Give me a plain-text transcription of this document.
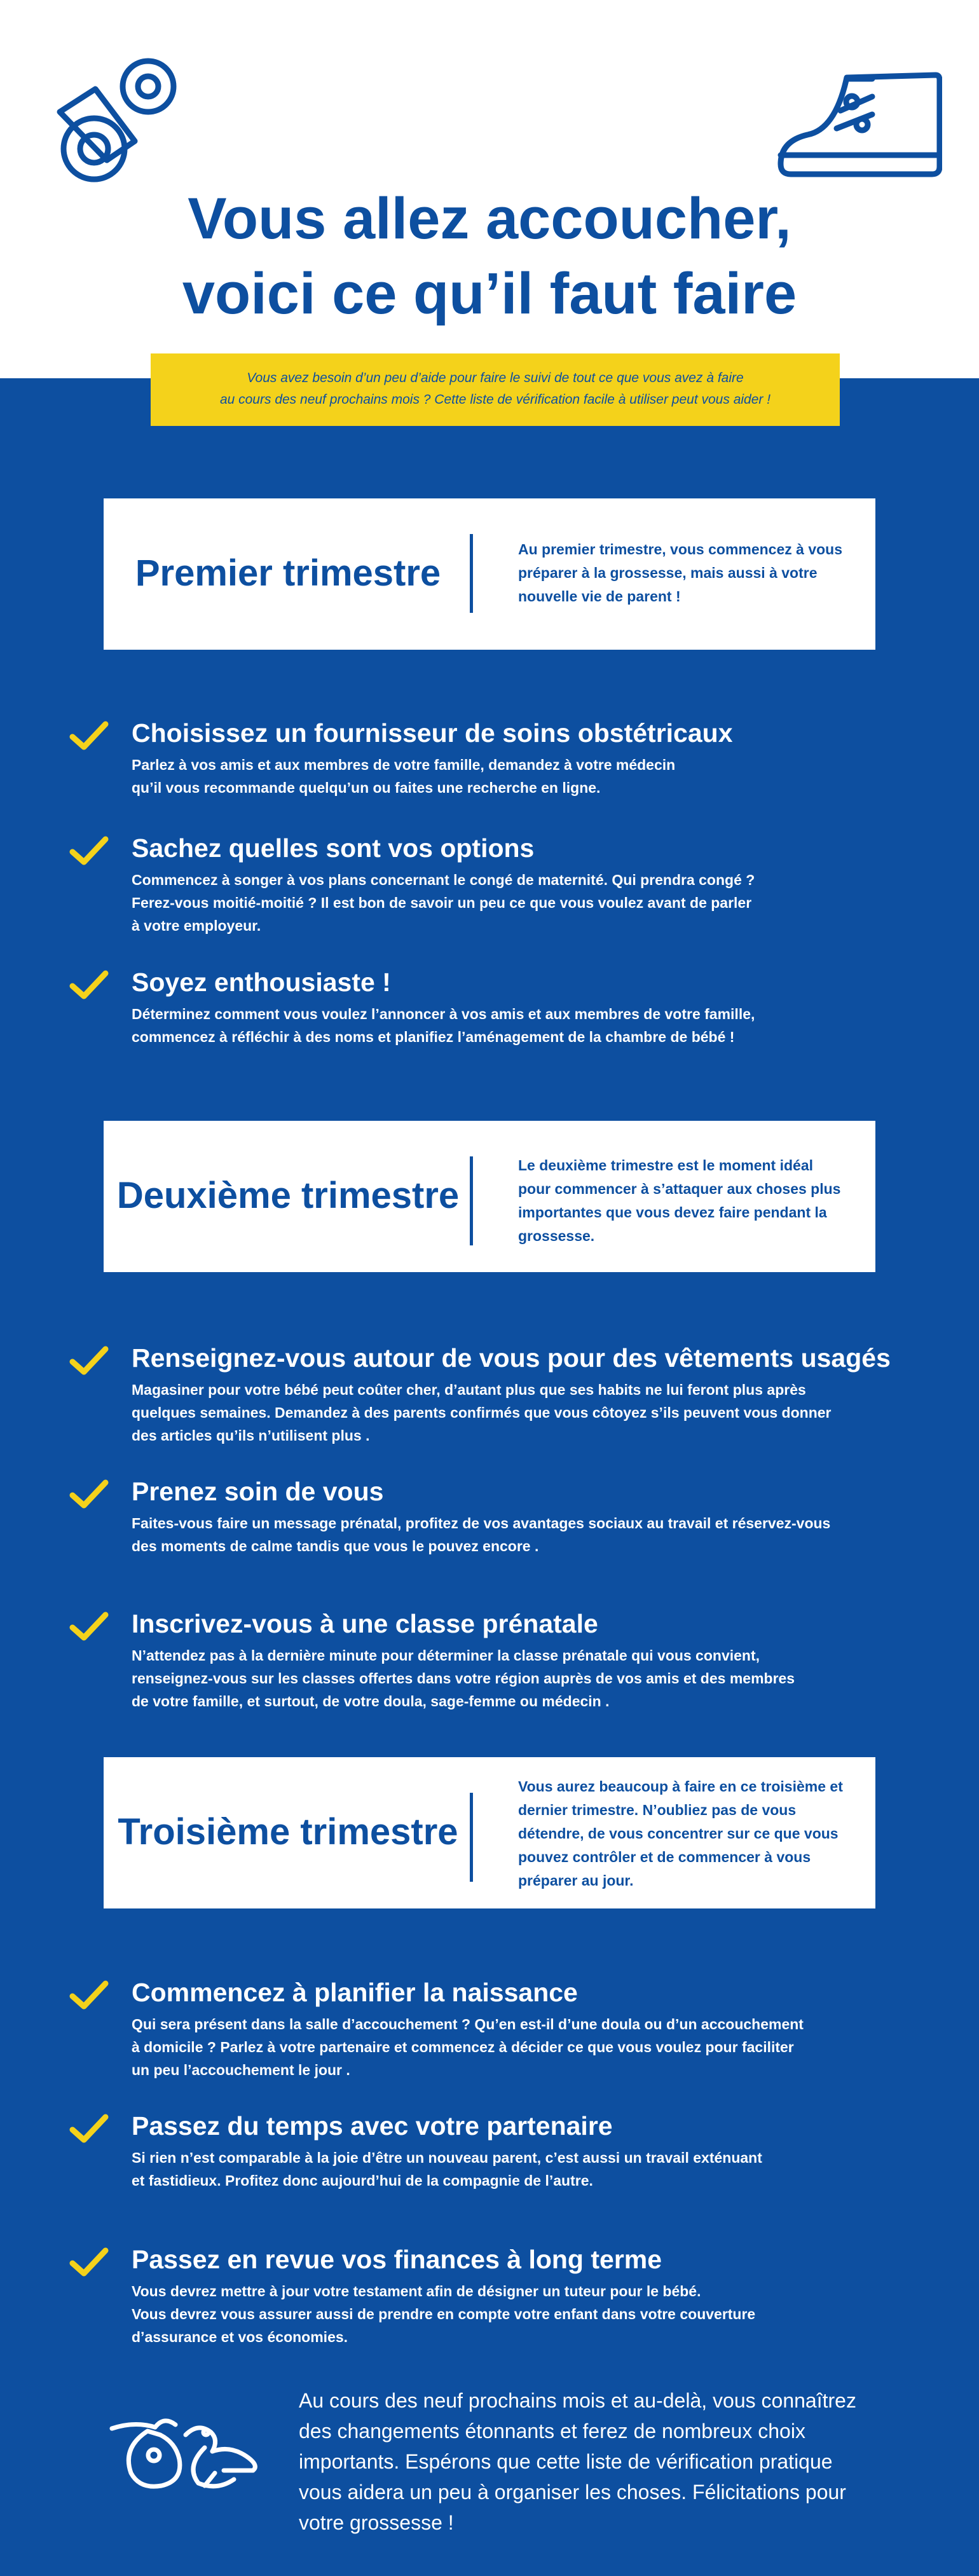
Vous allez accoucher,
voici ce qu’il faut faire
Vous avez besoin d’un peu d’aide pour faire le suivi de tout ce que vous avez à faire
au cours des neuf prochains mois ? Cette liste de vérification facile à utiliser peut vous aider !
Premier trimestre
Au premier trimestre, vous commencez à vous préparer à la grossesse, mais aussi à votre nouvelle vie de parent !
Choisissez un fournisseur de soins obstétricaux
Parlez à vos amis et aux membres de votre famille, demandez à votre médecin
qu’il vous recommande quelqu’un ou faites une recherche en ligne.
Sachez quelles sont vos options
Commencez à songer à vos plans concernant le congé de maternité. Qui prendra congé ?
Ferez-vous moitié-moitié ? Il est bon de savoir un peu ce que vous voulez avant de parler
à votre employeur.
Soyez enthousiaste !
Déterminez comment vous voulez l’annoncer à vos amis et aux membres de votre famille,
commencez à réfléchir à des noms et planifiez l’aménagement de la chambre de bébé !
Deuxième trimestre
Le deuxième trimestre est le moment idéal pour commencer à s’attaquer aux choses plus importantes que vous devez faire pendant la grossesse.
Renseignez-vous autour de vous pour des vêtements usagés
Magasiner pour votre bébé peut coûter cher, d’autant plus que ses habits ne lui feront plus après
quelques semaines. Demandez à des parents confirmés que vous côtoyez s’ils peuvent vous donner
des articles qu’ils n’utilisent plus .
Prenez soin de vous
Faites-vous faire un message prénatal, profitez de vos avantages sociaux au travail et réservez-vous
des moments de calme tandis que vous le pouvez encore .
Inscrivez-vous à une classe prénatale
N’attendez pas à la dernière minute pour déterminer la classe prénatale qui vous convient,
renseignez-vous sur les classes offertes dans votre région auprès de vos amis et des membres
de votre famille, et surtout, de votre doula, sage-femme ou médecin .
Troisième trimestre
Vous aurez beaucoup à faire en ce troisième et dernier trimestre. N’oubliez pas de vous détendre, de vous concentrer sur ce que vous pouvez contrôler et de commencer à vous préparer au jour.
Commencez à planifier la naissance
Qui sera présent dans la salle d’accouchement ? Qu’en est-il d’une doula ou d’un accouchement
à domicile ? Parlez à votre partenaire et commencez à décider ce que vous voulez pour faciliter
un peu l’accouchement le jour .
Passez du temps avec votre partenaire
Si rien n’est comparable à la joie d’être un nouveau parent, c’est aussi un travail exténuant
et fastidieux. Profitez donc aujourd’hui de la compagnie de l’autre.
Passez en revue vos finances à long terme
Vous devrez mettre à jour votre testament afin de désigner un tuteur pour le bébé.
Vous devrez vous assurer aussi de prendre en compte votre enfant dans votre couverture
d’assurance et vos économies.
Au cours des neuf prochains mois et au-delà, vous connaîtrez
des changements étonnants et ferez de nombreux choix
importants. Espérons que cette liste de vérification pratique
vous aidera un peu à organiser les choses. Félicitations pour
votre grossesse !
